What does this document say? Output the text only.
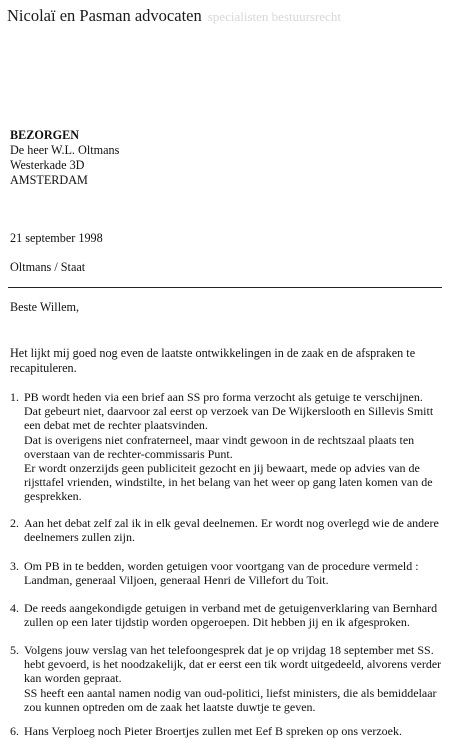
Nicolaï en Pasman advocaten specialisten bestuursrecht
BEZORGEN
De heer W.L. Oltmans
Westerkade 3D
AMSTERDAM
21 september 1998
Oltmans / Staat
Beste Willem,
Het lijkt mij goed nog even de laatste ontwikkelingen in de zaak en de afspraken te recapituleren.
1. PB wordt heden via een brief aan SS pro forma verzocht als getuige te verschijnen. Dat gebeurt niet, daarvoor zal eerst op verzoek van De Wijkerslooth en Sillevis Smitt een debat met de rechter plaatsvinden.
Dat is overigens niet confraterneel, maar vindt gewoon in de rechtszaal plaats ten overstaan van de rechter-commissaris Punt.
Er wordt onzerzijds geen publiciteit gezocht en jij bewaart, mede op advies van de rijsttafel vrienden, windstilte, in het belang van het weer op gang laten komen van de gesprekken.
2. Aan het debat zelf zal ik in elk geval deelnemen. Er wordt nog overlegd wie de andere deelnemers zullen zijn.
3. Om PB in te bedden, worden getuigen voor voortgang van de procedure vermeld : Landman, generaal Viljoen, generaal Henri de Villefort du Toit.
4. De reeds aangekondigde getuigen in verband met de getuigenverklaring van Bernhard zullen op een later tijdstip worden opgeroepen. Dit hebben jij en ik afgesproken.
5. Volgens jouw verslag van het telefoongesprek dat je op vrijdag 18 september met SS. hebt gevoerd, is het noodzakelijk, dat er eerst een tik wordt uitgedeeld, alvorens verder kan worden gepraat.
SS heeft een aantal namen nodig van oud-politici, liefst ministers, die als bemiddelaar zou kunnen optreden om de zaak het laatste duwtje te geven.
6. Hans Verploeg noch Pieter Broertjes zullen met Eef B spreken op ons verzoek.
